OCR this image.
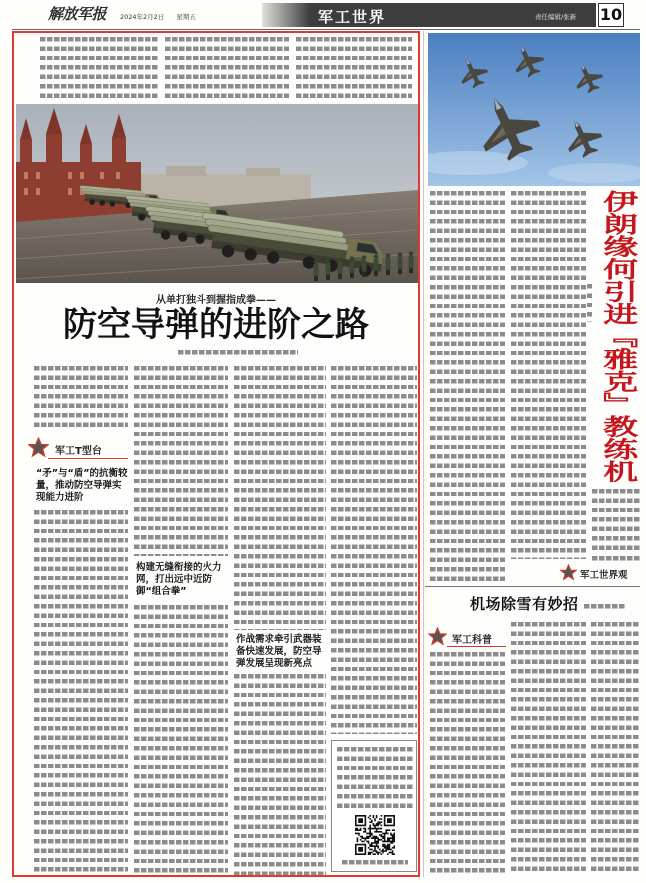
解放军报 2024年2月2日 星期五	军工世界	责任编辑/张新 10
从单打独斗到握指成拳——
防空导弹的进阶之路
军工T型台
“矛”与“盾”的抗衡较量，推动防空导弹实现能力进阶
构建无缝衔接的火力网，打出远中近防御“组合拳”
作战需求牵引武器装备快速发展，防空导弹发展呈现新亮点
伊朗缘何引进『雅克』教练机
军工世界观
机场除雪有妙招
军工科普
